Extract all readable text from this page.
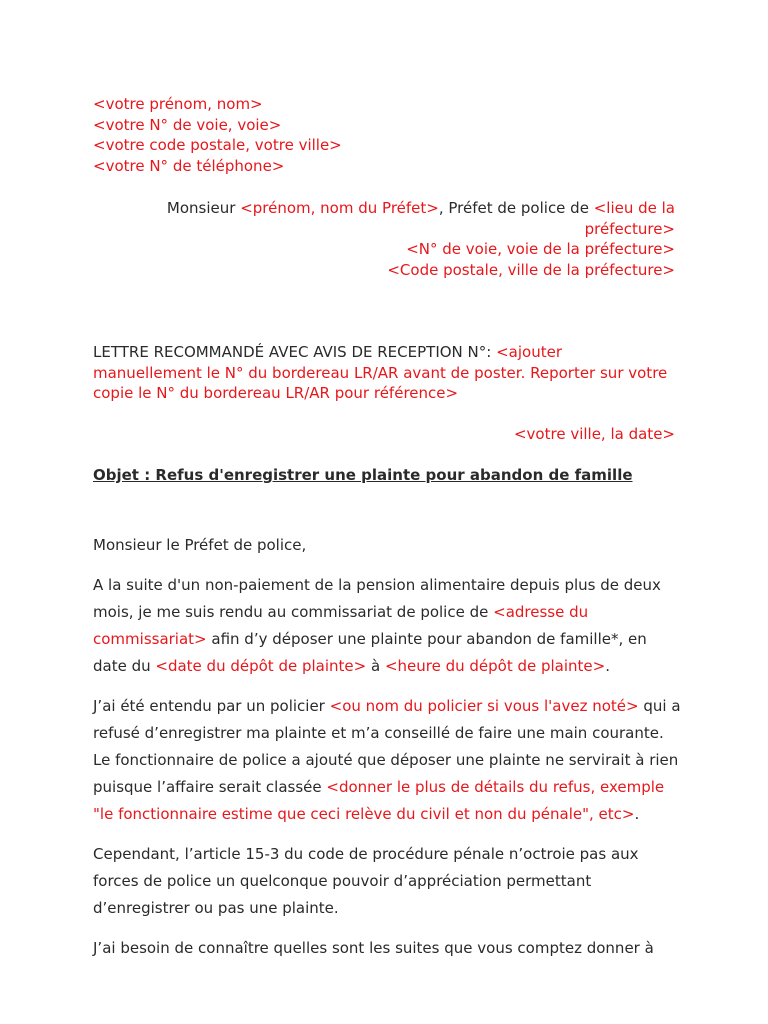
<votre prénom, nom>
<votre N° de voie, voie>
<votre code postale, votre ville>
<votre N° de téléphone>
Monsieur <prénom, nom du Préfet>, Préfet de police de <lieu de la préfecture>
<N° de voie, voie de la préfecture>
<Code postale, ville de la préfecture>
LETTRE RECOMMANDÉ AVEC AVIS DE RECEPTION N°: <ajouter manuellement le N° du bordereau LR/AR avant de poster. Reporter sur votre copie le N° du bordereau LR/AR pour référence>
<votre ville, la date>
Objet : Refus d'enregistrer une plainte pour abandon de famille
Monsieur le Préfet de police,

A la suite d'un non-paiement de la pension alimentaire depuis plus de deux mois, je me suis rendu au commissariat de police de <adresse du commissariat> afin d’y déposer une plainte pour abandon de famille*, en date du <date du dépôt de plainte> à <heure du dépôt de plainte>.

J’ai été entendu par un policier <ou nom du policier si vous l'avez noté> qui a refusé d’enregistrer ma plainte et m’a conseillé de faire une main courante. Le fonctionnaire de police a ajouté que déposer une plainte ne servirait à rien puisque l’affaire serait classée <donner le plus de détails du refus, exemple "le fonctionnaire estime que ceci relève du civil et non du pénale", etc>.

Cependant, l’article 15-3 du code de procédure pénale n’octroie pas aux forces de police un quelconque pouvoir d’appréciation permettant d’enregistrer ou pas une plainte.

J’ai besoin de connaître quelles sont les suites que vous comptez donner à
